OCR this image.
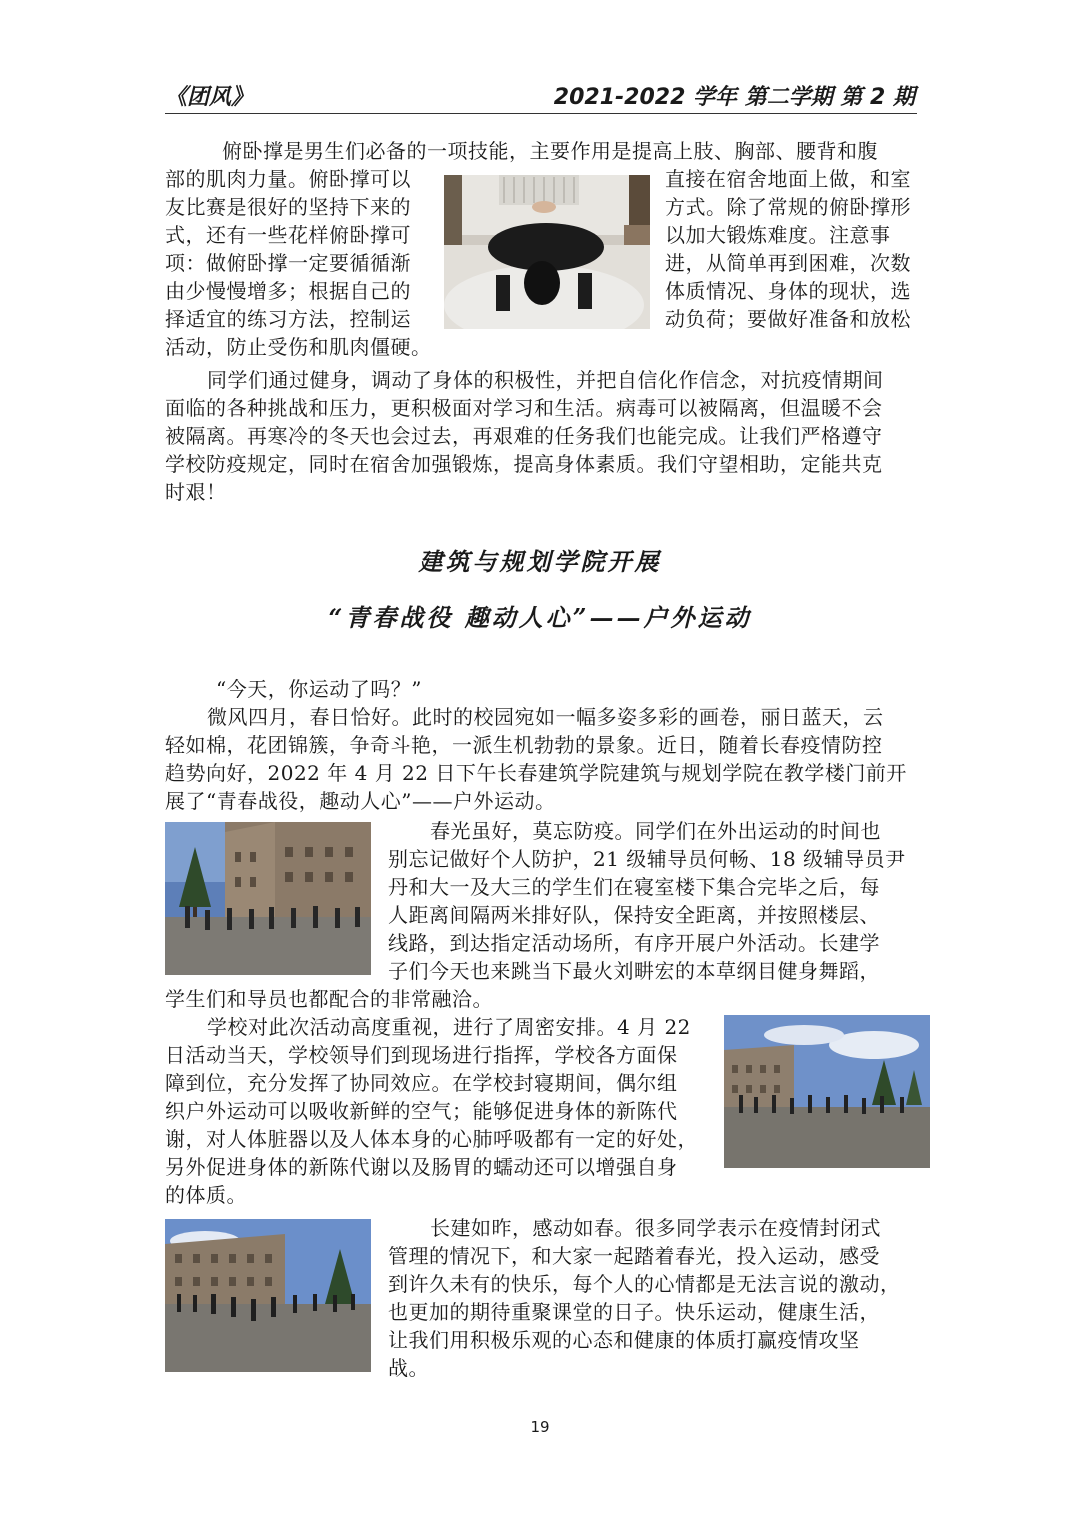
《团风》	2021-2022 学年 第二学期 第 2 期
俯卧撑是男生们必备的一项技能，主要作用是提高上肢、胸部、腰背和腹
部的肌肉力量。俯卧撑可以	直接在宿舍地面上做，和室
友比赛是很好的坚持下来的	方式。除了常规的俯卧撑形
式，还有一些花样俯卧撑可	以加大锻炼难度。注意事
项：做俯卧撑一定要循循渐	进，从简单再到困难，次数
由少慢慢增多；根据自己的	体质情况、身体的现状，选
择适宜的练习方法，控制运	动负荷；要做好准备和放松
活动，防止受伤和肌肉僵硬。
同学们通过健身，调动了身体的积极性，并把自信化作信念，对抗疫情期间
面临的各种挑战和压力，更积极面对学习和生活。病毒可以被隔离，但温暖不会
被隔离。再寒冷的冬天也会过去，再艰难的任务我们也能完成。让我们严格遵守
学校防疫规定，同时在宿舍加强锻炼，提高身体素质。我们守望相助，定能共克
时艰！
建筑与规划学院开展
“青春战役 趣动人心”——户外运动
“今天，你运动了吗？”
微风四月，春日恰好。此时的校园宛如一幅多姿多彩的画卷，丽日蓝天，云
轻如棉，花团锦簇，争奇斗艳，一派生机勃勃的景象。近日，随着长春疫情防控
趋势向好，2022 年 4 月 22 日下午长春建筑学院建筑与规划学院在教学楼门前开
展了“青春战役，趣动人心”——户外运动。
春光虽好，莫忘防疫。同学们在外出运动的时间也
别忘记做好个人防护，21 级辅导员何畅、18 级辅导员尹
丹和大一及大三的学生们在寝室楼下集合完毕之后，每
人距离间隔两米排好队，保持安全距离，并按照楼层、
线路，到达指定活动场所，有序开展户外活动。长建学
子们今天也来跳当下最火刘畊宏的本草纲目健身舞蹈，
学生们和导员也都配合的非常融洽。
学校对此次活动高度重视，进行了周密安排。4 月 22
日活动当天，学校领导们到现场进行指挥，学校各方面保
障到位，充分发挥了协同效应。在学校封寝期间，偶尔组
织户外运动可以吸收新鲜的空气；能够促进身体的新陈代
谢，对人体脏器以及人体本身的心肺呼吸都有一定的好处，
另外促进身体的新陈代谢以及肠胃的蠕动还可以增强自身
的体质。
长建如昨，感动如春。很多同学表示在疫情封闭式
管理的情况下，和大家一起踏着春光，投入运动，感受
到许久未有的快乐，每个人的心情都是无法言说的激动，
也更加的期待重聚课堂的日子。快乐运动，健康生活，
让我们用积极乐观的心态和健康的体质打赢疫情攻坚
战。
19
